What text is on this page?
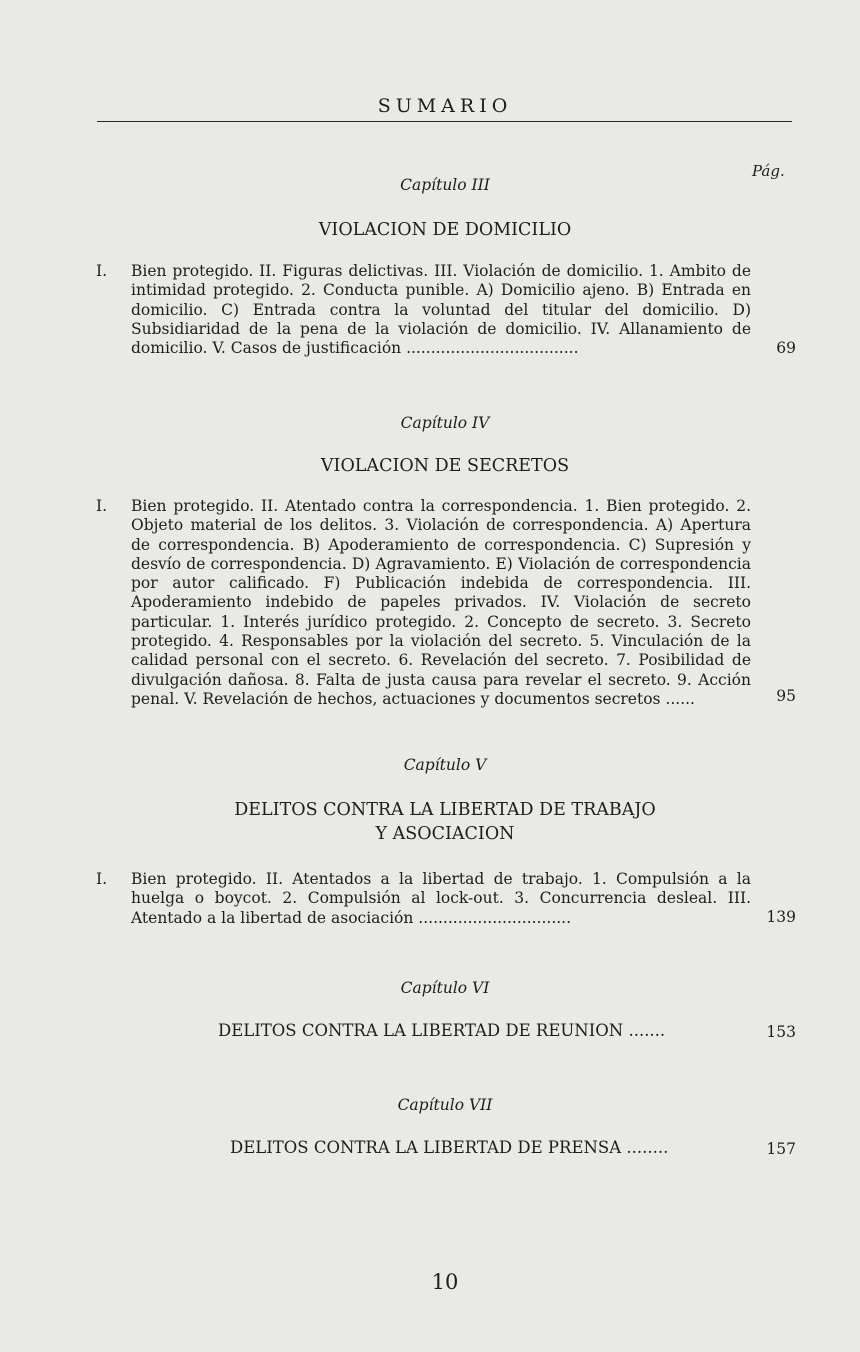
SUMARIO
Pág.
Capítulo III
VIOLACION DE DOMICILIO
I. Bien protegido. II. Figuras delictivas. III. Violación de domicilio. 1. Ambito de intimidad protegido. 2. Conducta punible. A) Domicilio ajeno. B) Entrada en domicilio. C) Entrada contra la voluntad del titular del domicilio. D) Subsidiaridad de la pena de la violación de domicilio. IV. Allanamiento de domicilio. V. Casos de justificación ...................................	69
Capítulo IV
VIOLACION DE SECRETOS
I. Bien protegido. II. Atentado contra la correspondencia. 1. Bien protegido. 2. Objeto material de los delitos. 3. Violación de correspondencia. A) Apertura de correspondencia. B) Apoderamiento de correspondencia. C) Supresión y desvío de correspondencia. D) Agravamiento. E) Violación de correspondencia por autor calificado. F) Publicación indebida de correspondencia. III. Apoderamiento indebido de papeles privados. IV. Violación de secreto particular. 1. Interés jurídico protegido. 2. Concepto de secreto. 3. Secreto protegido. 4. Responsables por la violación del secreto. 5. Vinculación de la calidad personal con el secreto. 6. Revelación del secreto. 7. Posibilidad de divulgación dañosa. 8. Falta de justa causa para revelar el secreto. 9. Acción penal. V. Revelación de hechos, actuaciones y documentos secretos ......	95
Capítulo V
DELITOS CONTRA LA LIBERTAD DE TRABAJO
Y ASOCIACION
I. Bien protegido. II. Atentados a la libertad de trabajo. 1. Compulsión a la huelga o boycot. 2. Compulsión al lock-out. 3. Concurrencia desleal. III. Atentado a la libertad de asociación ...............................	139
Capítulo VI
DELITOS CONTRA LA LIBERTAD DE REUNION .......	153
Capítulo VII
DELITOS CONTRA LA LIBERTAD DE PRENSA ........	157
10
